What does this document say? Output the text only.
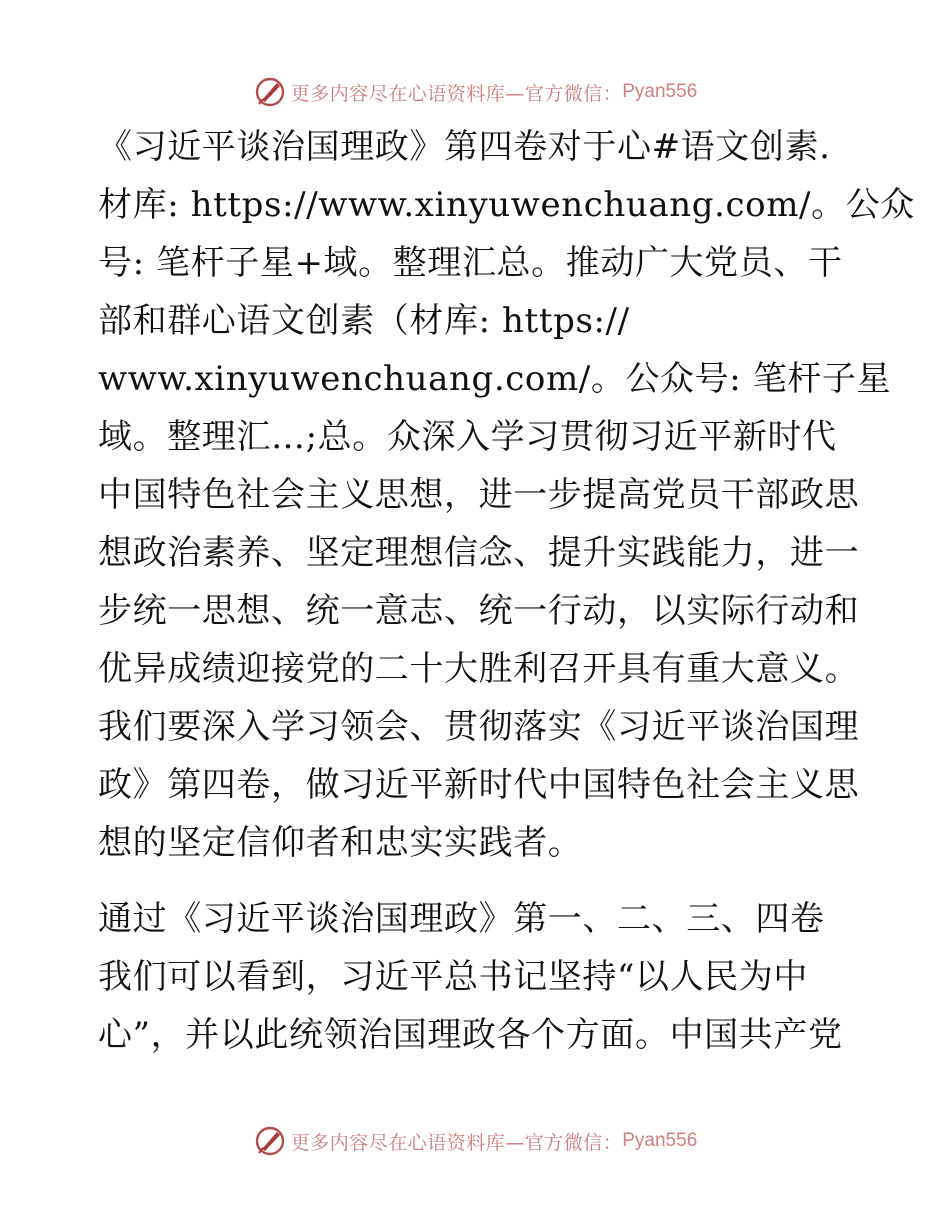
更多内容尽在心语资料库—官方微信： Pyan556
《习近平谈治国理政》第四卷对于心#语文创素.
材库: https://www.xinyuwenchuang.com/。公众
号: 笔杆子星+域。整理汇总。推动广大党员、干
部和群心语文创素（材库: https://
www.xinyuwenchuang.com/。公众号: 笔杆子星
域。整理汇…;总。众深入学习贯彻习近平新时代
中国特色社会主义思想，进一步提高党员干部政思
想政治素养、坚定理想信念、提升实践能力，进一
步统一思想、统一意志、统一行动，以实际行动和
优异成绩迎接党的二十大胜利召开具有重大意义。
我们要深入学习领会、贯彻落实《习近平谈治国理
政》第四卷，做习近平新时代中国特色社会主义思
想的坚定信仰者和忠实实践者。
通过《习近平谈治国理政》第一、二、三、四卷
我们可以看到，习近平总书记坚持“以人民为中
心”，并以此统领治国理政各个方面。中国共产党
更多内容尽在心语资料库—官方微信： Pyan556
